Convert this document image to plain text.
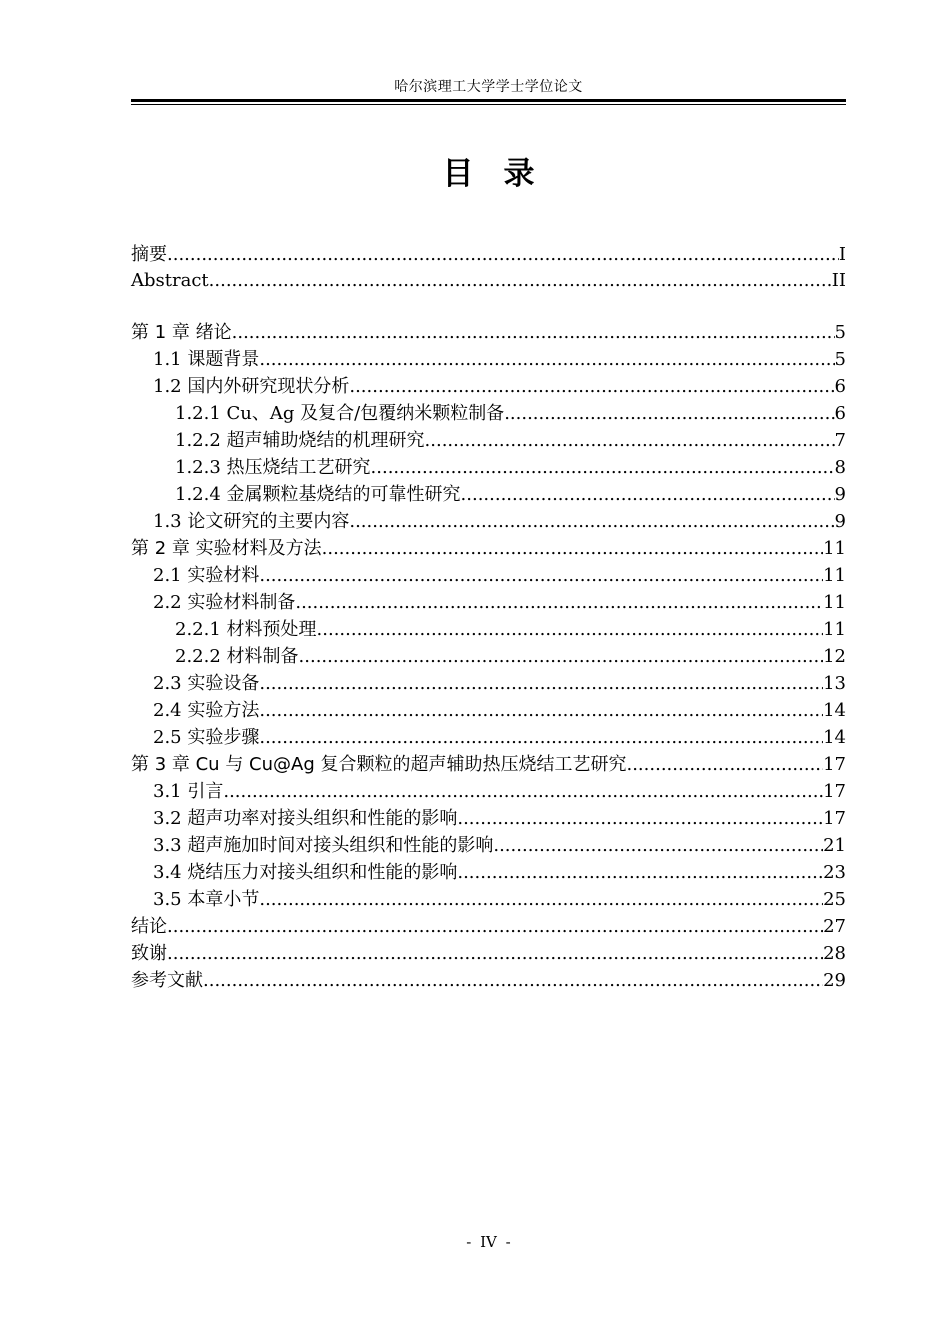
哈尔滨理工大学学士学位论文
目录
摘要 .....	I
Abstract .....	II
第 1 章 绪论 .....	5
1.1 课题背景 .....	5
1.2 国内外研究现状分析 .....	6
1.2.1 Cu、Ag 及复合/包覆纳米颗粒制备 .....	6
1.2.2 超声辅助烧结的机理研究 .....	7
1.2.3 热压烧结工艺研究 .....	8
1.2.4 金属颗粒基烧结的可靠性研究 .....	9
1.3 论文研究的主要内容 .....	9
第 2 章 实验材料及方法 .....	11
2.1 实验材料 .....	11
2.2 实验材料制备 .....	11
2.2.1 材料预处理 .....	11
2.2.2 材料制备 .....	12
2.3 实验设备 .....	13
2.4 实验方法 .....	14
2.5 实验步骤 .....	14
第 3 章 Cu 与 Cu@Ag 复合颗粒的超声辅助热压烧结工艺研究 .....	17
3.1 引言 .....	17
3.2 超声功率对接头组织和性能的影响 .....	17
3.3 超声施加时间对接头组织和性能的影响 .....	21
3.4 烧结压力对接头组织和性能的影响 .....	23
3.5 本章小节 .....	25
结论 .....	27
致谢 .....	28
参考文献 .....	29
- IV -
